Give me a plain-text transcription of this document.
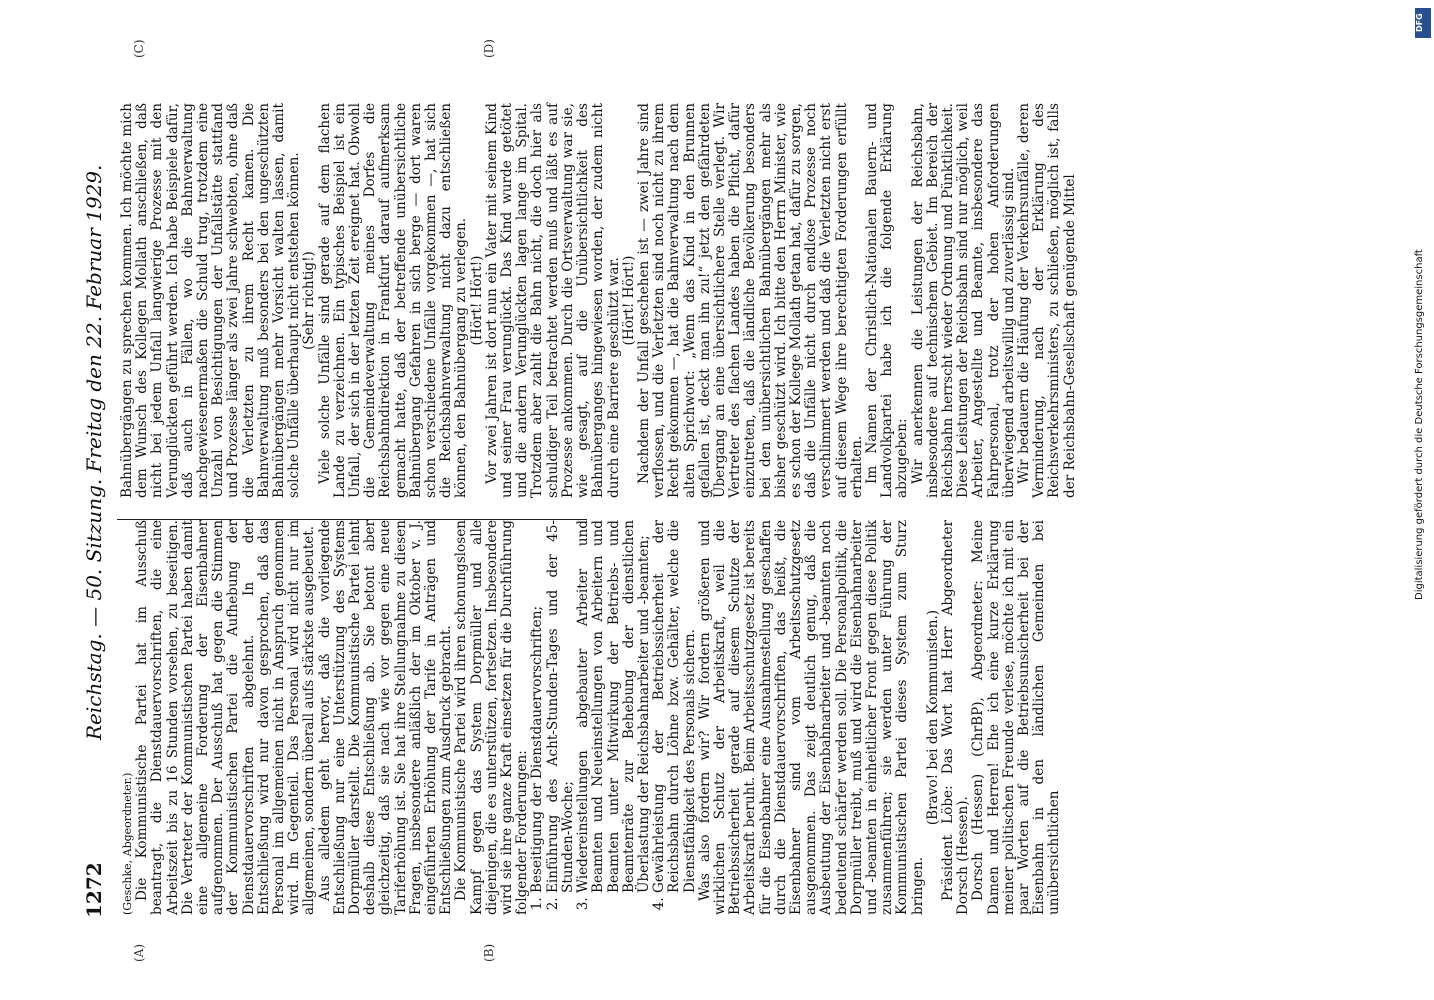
1272
Reichstag. — 50. Sitzung. Freitag den 22. Februar 1929.
(A)	(B)
(C)	(D)

(Geschke, Abgeordneter.) Die Kommunistische Partei hat im Ausschuß beantragt, die Dienstdauervorschriften, die eine Arbeitszeit bis zu 16 Stunden vorsehen, zu beseitigen. Die Vertreter der Kommunistischen Partei haben damit eine allgemeine Forderung der Eisenbahner aufgenommen. Der Ausschuß hat gegen die Stimmen der Kommunistischen Partei die Aufhebung der Dienstdauervorschriften abgelehnt. In der Entschließung wird nur davon gesprochen, daß das Personal im allgemeinen nicht in Anspruch genommen wird. Im Gegenteil. Das Personal wird nicht nur im allgemeinen, sondern überall aufs stärkste ausgebeutet. Aus alledem geht hervor, daß die vorliegende Entschließung nur eine Unterstützung des Systems Dorpmüller darstellt. Die Kommunistische Partei lehnt deshalb diese Entschließung ab. Sie betont aber gleichzeitig, daß sie nach wie vor gegen eine neue Tariferhöhung ist. Sie hat ihre Stellungnahme zu diesen Fragen, insbesondere anläßlich der im Oktober v. J. eingeführten Erhöhung der Tarife in Anträgen und Entschließungen zum Ausdruck gebracht. Die Kommunistische Partei wird ihren schonungslosen Kampf gegen das System Dorpmüller und alle diejenigen, die es unterstützen, fortsetzen. Insbesondere wird sie ihre ganze Kraft einsetzen für die Durchführung folgender Forderungen: 1. Beseitigung der Dienstdauervorschriften; 2. Einführung des Acht-Stunden-Tages und der 45-Stunden-Woche; 3. Wiedereinstellungen abgebauter Arbeiter und Beamten und Neueinstellungen von Arbeitern und Beamten unter Mitwirkung der Betriebs- und Beamtenräte zur Behebung der dienstlichen Überlastung der Reichsbahnarbeiter und -beamten; 4. Gewährleistung der Betriebssicherheit der Reichsbahn durch Löhne bzw. Gehälter, welche die Dienstfähigkeit des Personals sichern. Was also fordern wir? Wir fordern größeren und wirklichen Schutz der Arbeitskraft, weil die Betriebssicherheit gerade auf diesem Schutze der Arbeitskraft beruht. Beim Arbeitsschutzgesetz ist bereits für die Eisenbahner eine Ausnahmestellung geschaffen durch die Dienstdauervorschriften, das heißt, die Eisenbahner sind vom Arbeitsschutzgesetz ausgenommen. Das zeigt deutlich genug, daß die Ausbeutung der Eisenbahnarbeiter und -beamten noch bedeutend schärfer werden soll. Die Personalpolitik, die Dorpmüller treibt, muß und wird die Eisenbahnarbeiter und -beamten in einheitlicher Front gegen diese Politik zusammenführen; sie werden unter Führung der Kommunistischen Partei dieses System zum Sturz bringen.

(Bravo! bei den Kommunisten.) Präsident Löbe: Das Wort hat Herr Abgeordneter Dorsch (Hessen). Dorsch (Hessen) (ChrBP), Abgeordneter: Meine Damen und Herren! Ehe ich eine kurze Erklärung meiner politischen Freunde verlese, möchte ich mit ein paar Worten auf die Betriebsunsicherheit bei der Eisenbahn in den ländlichen Gemeinden bei unübersichtlichen

Bahnübergängen zu sprechen kommen. Ich möchte mich dem Wunsch des Kollegen Mollath anschließen, daß nicht bei jedem Unfall langwierige Prozesse mit den Verunglückten geführt werden. Ich habe Beispiele dafür, daß auch in Fällen, wo die Bahnverwaltung nachgewiesenermaßen die Schuld trug, trotzdem eine Unzahl von Besichtigungen der Unfallstätte stattfand und Prozesse länger als zwei Jahre schwebten, ohne daß die Verletzten zu ihrem Recht kamen. Die Bahnverwaltung muß besonders bei den ungeschützten Bahnübergängen mehr Vorsicht walten lassen, damit solche Unfälle überhaupt nicht entstehen können. (Sehr richtig!) Viele solche Unfälle sind gerade auf dem flachen Lande zu verzeichnen. Ein typisches Beispiel ist ein Unfall, der sich in der letzten Zeit ereignet hat. Obwohl die Gemeindeverwaltung meines Dorfes die Reichsbahndirektion in Frankfurt darauf aufmerksam gemacht hatte, daß der betreffende unübersichtliche Bahnübergang Gefahren in sich berge — dort waren schon verschiedene Unfälle vorgekommen —, hat sich die Reichsbahnverwaltung nicht dazu entschließen können, den Bahnübergang zu verlegen. (Hört! Hört!) Vor zwei Jahren ist dort nun ein Vater mit seinem Kind und seiner Frau verunglückt. Das Kind wurde getötet und die andern Verunglückten lagen lange im Spital. Trotzdem aber zahlt die Bahn nicht, die doch hier als schuldiger Teil betrachtet werden muß und läßt es auf Prozesse ankommen. Durch die Ortsverwaltung war sie, wie gesagt, auf die Unübersichtlichkeit des Bahnüberganges hingewiesen worden, der zudem nicht durch eine Barriere geschützt war. (Hört! Hört!) Nachdem der Unfall geschehen ist — zwei Jahre sind verflossen, und die Verletzten sind noch nicht zu ihrem Recht gekommen —, hat die Bahnverwaltung nach dem alten Sprichwort: „Wenn das Kind in den Brunnen gefallen ist, deckt man ihn zu!“ jetzt den gefährdeten Übergang an eine übersichtlichere Stelle verlegt. Wir Vertreter des flachen Landes haben die Pflicht, dafür einzutreten, daß die ländliche Bevölkerung besonders bei den unübersichtlichen Bahnübergängen mehr als bisher geschützt wird. Ich bitte den Herrn Minister, wie es schon der Kollege Mollath getan hat, dafür zu sorgen, daß die Unfälle nicht durch endlose Prozesse noch verschlimmert werden und daß die Verletzten nicht erst auf diesem Wege ihre berechtigten Forderungen erfüllt erhalten. Im Namen der Christlich-Nationalen Bauern- und Landvolkpartei habe ich die folgende Erklärung abzugeben: Wir anerkennen die Leistungen der Reichsbahn, insbesondere auf technischem Gebiet. Im Bereich der Reichsbahn herrscht wieder Ordnung und Pünktlichkeit. Diese Leistungen der Reichsbahn sind nur möglich, weil Arbeiter, Angestellte und Beamte, insbesondere das Fahrpersonal, trotz der hohen Anforderungen überwiegend arbeitswillig und zuverlässig sind. Wir bedauern die Häufung der Verkehrsunfälle, deren Verminderung, nach der Erklärung des Reichsverkehrsministers, zu schließen, möglich ist, falls der Reichsbahn-Gesellschaft genügende Mittel

DFG
Digitalisierung gefördert durch die Deutsche Forschungsgemeinschaft
